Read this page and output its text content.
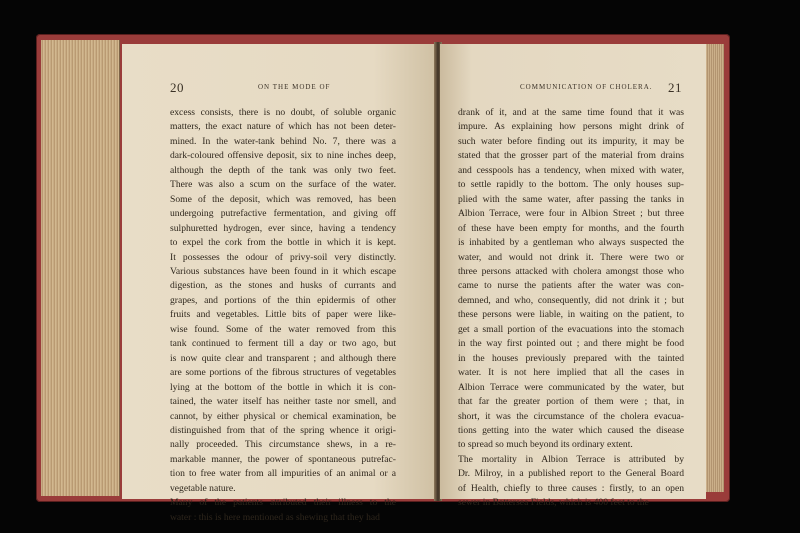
20	ON THE MODE OF
excess consists, there is no doubt, of soluble organic
matters, the exact nature of which has not been deter-
mined. In the water-tank behind No. 7, there was a
dark-coloured offensive deposit, six to nine inches deep,
although the depth of the tank was only two feet.
There was also a scum on the surface of the water.
Some of the deposit, which was removed, has been
undergoing putrefactive fermentation, and giving off
sulphuretted hydrogen, ever since, having a tendency
to expel the cork from the bottle in which it is kept.
It possesses the odour of privy-soil very distinctly.
Various substances have been found in it which escape
digestion, as the stones and husks of currants and
grapes, and portions of the thin epidermis of other
fruits and vegetables. Little bits of paper were like-
wise found. Some of the water removed from this
tank continued to ferment till a day or two ago, but
is now quite clear and transparent ; and although there
are some portions of the fibrous structures of vegetables
lying at the bottom of the bottle in which it is con-
tained, the water itself has neither taste nor smell, and
cannot, by either physical or chemical examination, be
distinguished from that of the spring whence it origi-
nally proceeded. This circumstance shews, in a re-
markable manner, the power of spontaneous putrefac-
tion to free water from all impurities of an animal or a
vegetable nature.
Many of the patients attributed their illness to the
water : this is here mentioned as shewing that they had
COMMUNICATION OF CHOLERA. 21
drank of it, and at the same time found that it was
impure. As explaining how persons might drink of
such water before finding out its impurity, it may be
stated that the grosser part of the material from drains
and cesspools has a tendency, when mixed with water,
to settle rapidly to the bottom. The only houses sup-
plied with the same water, after passing the tanks in
Albion Terrace, were four in Albion Street ; but three
of these have been empty for months, and the fourth
is inhabited by a gentleman who always suspected the
water, and would not drink it. There were two or
three persons attacked with cholera amongst those who
came to nurse the patients after the water was con-
demned, and who, consequently, did not drink it ; but
these persons were liable, in waiting on the patient, to
get a small portion of the evacuations into the stomach
in the way first pointed out ; and there might be food
in the houses previously prepared with the tainted
water. It is not here implied that all the cases in
Albion Terrace were communicated by the water, but
that far the greater portion of them were ; that, in
short, it was the circumstance of the cholera evacua-
tions getting into the water which caused the disease
to spread so much beyond its ordinary extent.
The mortality in Albion Terrace is attributed by
Dr. Milroy, in a published report to the General Board
of Health, chiefly to three causes : firstly, to an open
sewer in Battersea Fields, which is 400 feet to the
